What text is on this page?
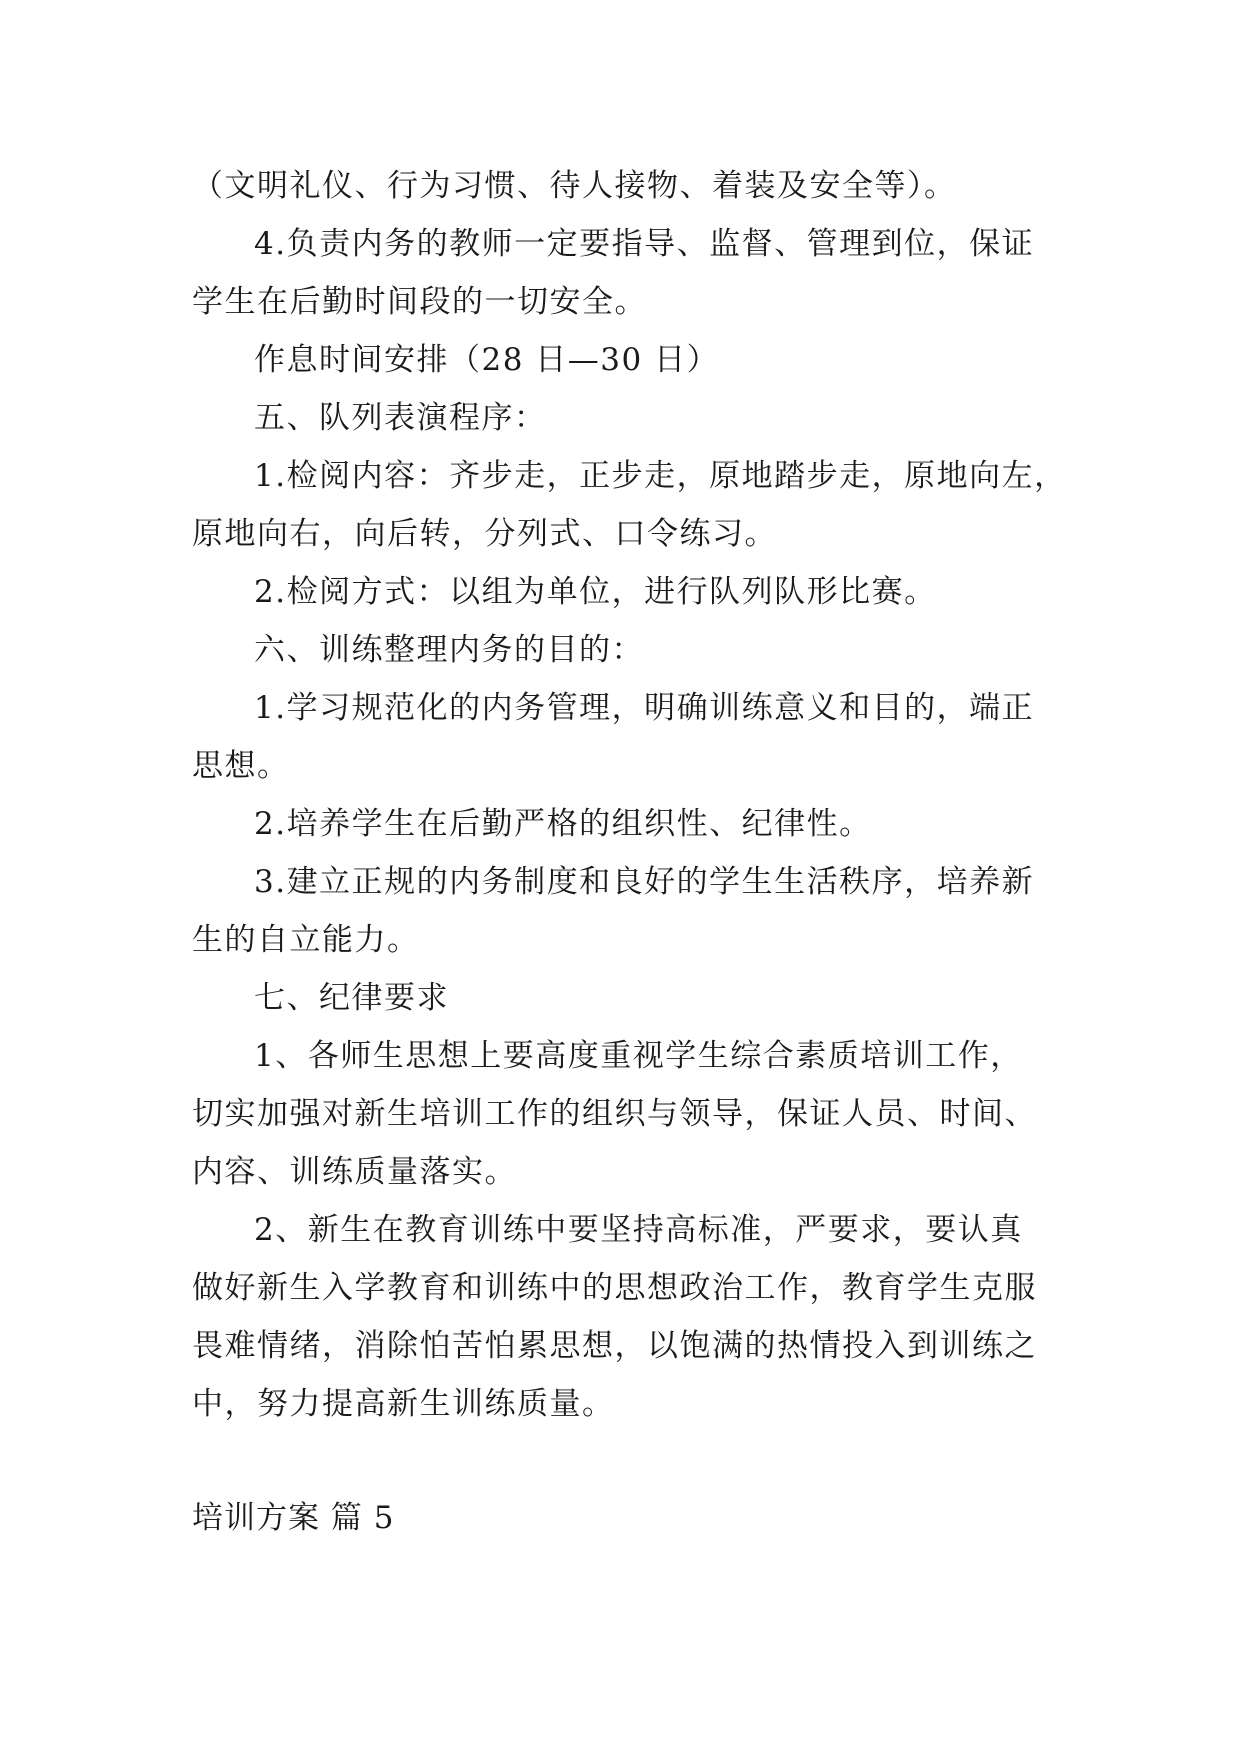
（文明礼仪、行为习惯、待人接物、着装及安全等）。
4.负责内务的教师一定要指导、监督、管理到位，保证
学生在后勤时间段的一切安全。
作息时间安排（28 日—30 日）
五、队列表演程序：
1.检阅内容：齐步走，正步走，原地踏步走，原地向左，
原地向右，向后转，分列式、口令练习。
2.检阅方式：以组为单位，进行队列队形比赛。
六、训练整理内务的目的：
1.学习规范化的内务管理，明确训练意义和目的，端正
思想。
2.培养学生在后勤严格的组织性、纪律性。
3.建立正规的内务制度和良好的学生生活秩序，培养新
生的自立能力。
七、纪律要求
1、各师生思想上要高度重视学生综合素质培训工作，
切实加强对新生培训工作的组织与领导，保证人员、时间、
内容、训练质量落实。
2、新生在教育训练中要坚持高标准，严要求，要认真
做好新生入学教育和训练中的思想政治工作，教育学生克服
畏难情绪，消除怕苦怕累思想，以饱满的热情投入到训练之
中，努力提高新生训练质量。
培训方案 篇 5
